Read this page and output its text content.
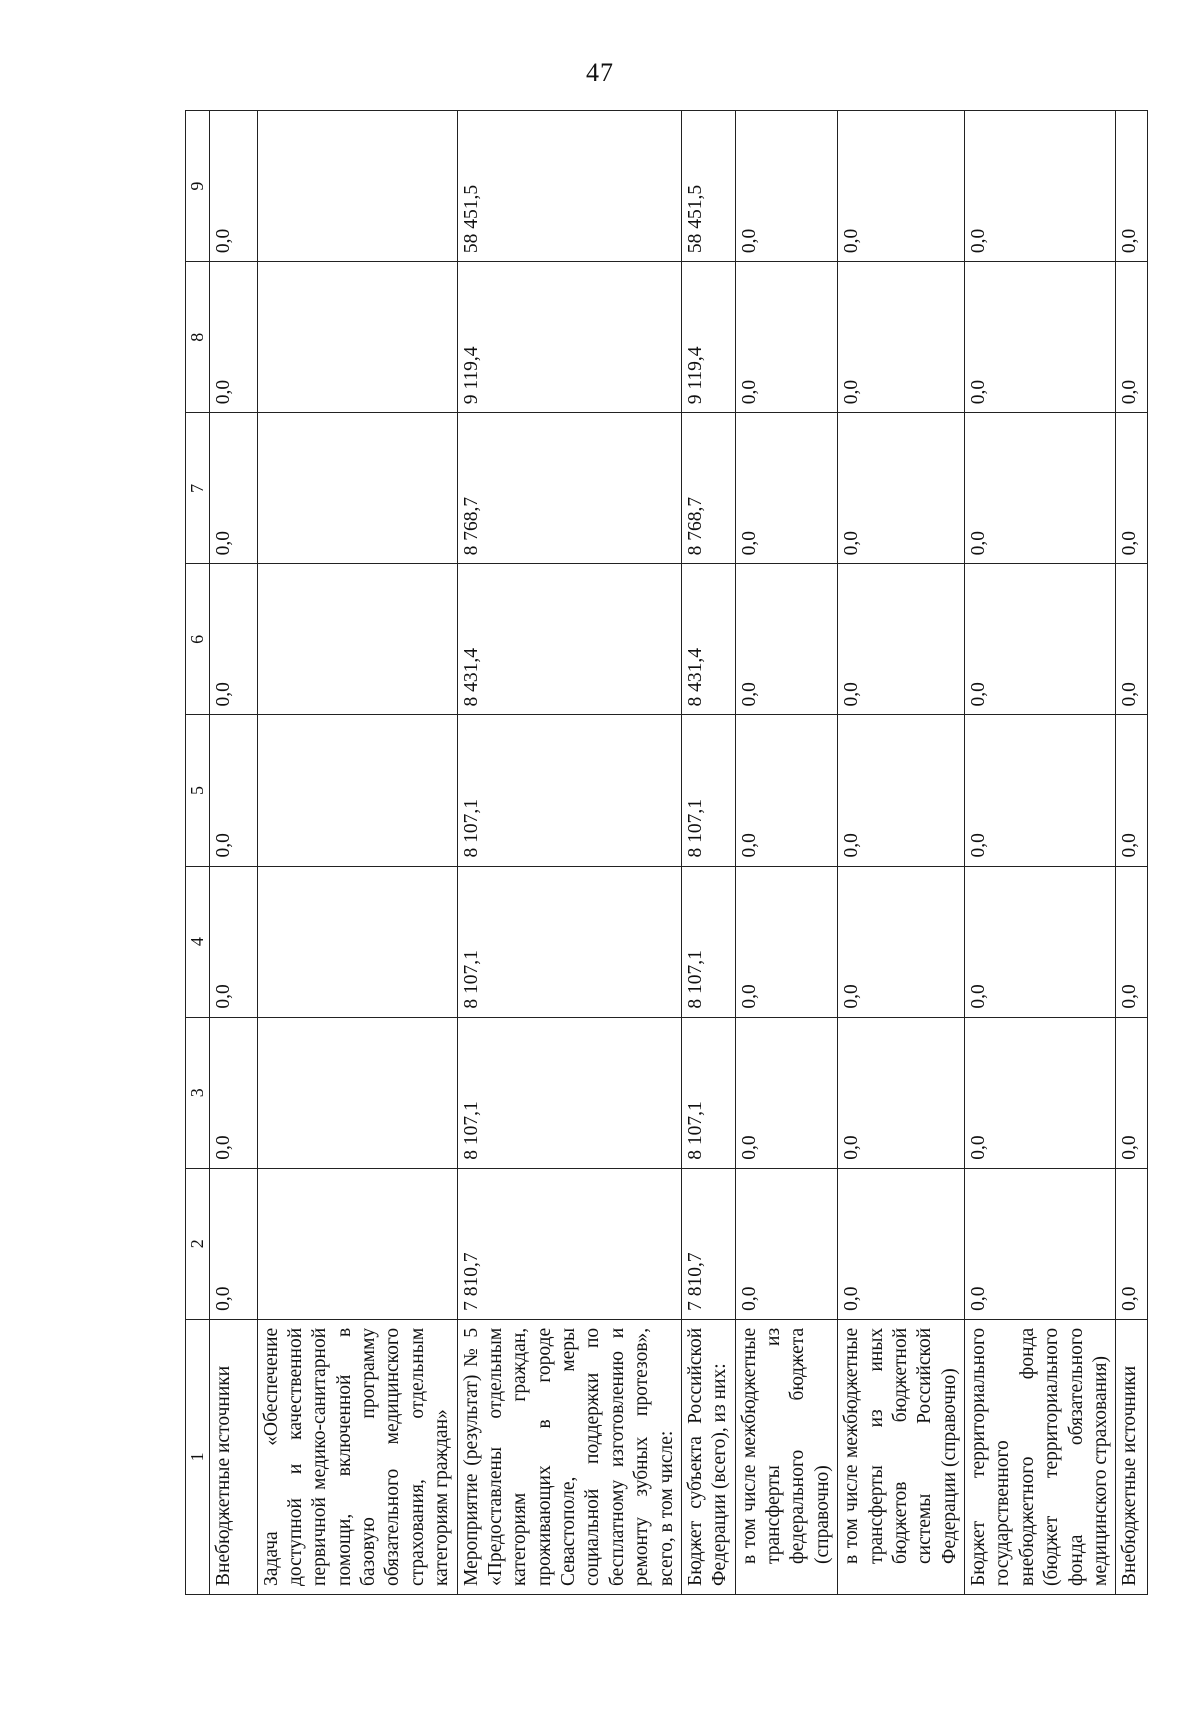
47
1	2	3	4	5	6	7	8	9
Внебюджетные источники	0,0	0,0	0,0	0,0	0,0	0,0	0,0	0,0
Задача «Обеспечение доступной и качественной первичной медико-санитарной помощи, включенной в базовую программу обязательного медицинского страхования, отдельным категориям граждан»								
Мероприятие (результат) № 5 «Предоставлены отдельным категориям граждан, проживающих в городе Севастополе, меры социальной поддержки по бесплатному изготовлению и ремонту зубных протезов», всего, в том числе:	7 810,7	8 107,1	8 107,1	8 107,1	8 431,4	8 768,7	9 119,4	58 451,5
Бюджет субъекта Российской Федерации (всего), из них:	7 810,7	8 107,1	8 107,1	8 107,1	8 431,4	8 768,7	9 119,4	58 451,5
в том числе межбюджетные трансферты из федерального бюджета (справочно)	0,0	0,0	0,0	0,0	0,0	0,0	0,0	0,0
в том числе межбюджетные трансферты из иных бюджетов бюджетной системы Российской Федерации (справочно)	0,0	0,0	0,0	0,0	0,0	0,0	0,0	0,0
Бюджет территориального государственного внебюджетного фонда (бюджет территориального фонда обязательного медицинского страхования)	0,0	0,0	0,0	0,0	0,0	0,0	0,0	0,0
Внебюджетные источники	0,0	0,0	0,0	0,0	0,0	0,0	0,0	0,0
